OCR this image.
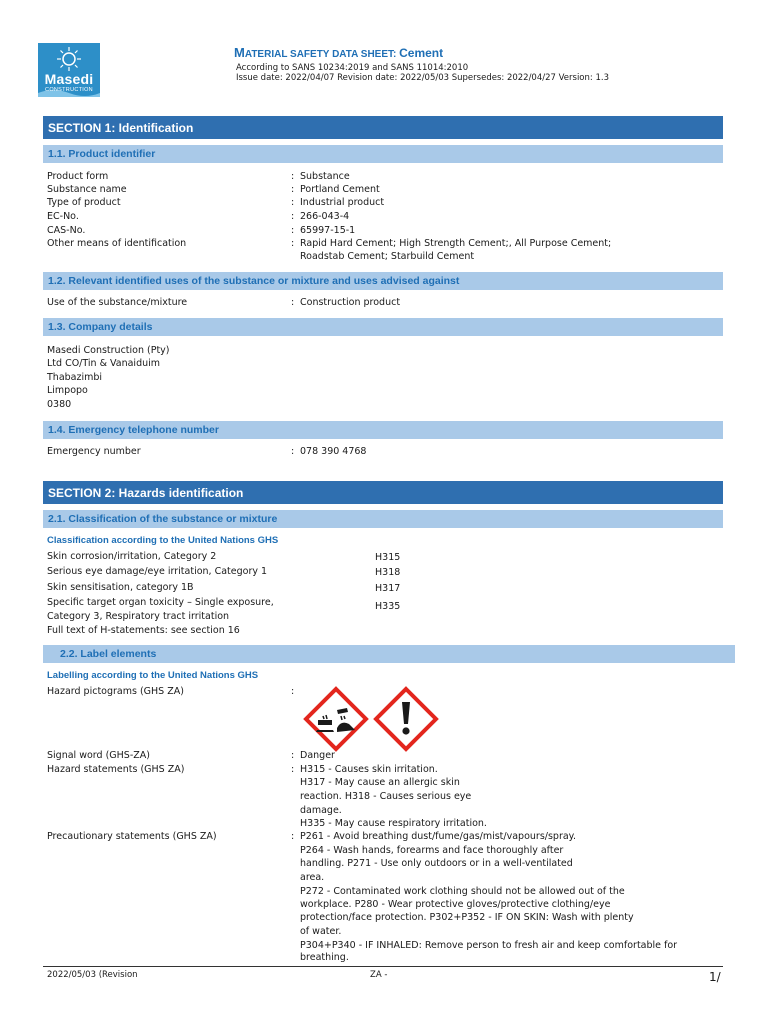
Masedi
CONSTRUCTION
MATERIAL SAFETY DATA SHEET: Cement
According to SANS 10234:2019 and SANS 11014:2010
Issue date: 2022/04/07 Revision date: 2022/05/03 Supersedes: 2022/04/27 Version: 1.3
SECTION 1: Identification
1.1. Product identifier
Product form	: Substance
Substance name	: Portland Cement
Type of product	: Industrial product
EC-No.	: 266-043-4
CAS-No.	: 65997-15-1
Other means of identification	: Rapid Hard Cement; High Strength Cement;, All Purpose Cement;
Roadstab Cement; Starbuild Cement
1.2. Relevant identified uses of the substance or mixture and uses advised against
Use of the substance/mixture	: Construction product
1.3. Company details
Masedi Construction (Pty)
Ltd CO/Tin & Vanaiduim
Thabazimbi
Limpopo
0380
1.4. Emergency telephone number
Emergency number	: 078 390 4768
SECTION 2: Hazards identification
2.1. Classification of the substance or mixture
Classification according to the United Nations GHS
Skin corrosion/irritation, Category 2	H315
Serious eye damage/eye irritation, Category 1	H318
Skin sensitisation, category 1B	H317
Specific target organ toxicity – Single exposure,	H335
Category 3, Respiratory tract irritation
Full text of H-statements: see section 16
2.2. Label elements
Labelling according to the United Nations GHS
Hazard pictograms (GHS ZA)	:
Signal word (GHS-ZA)	: Danger
Hazard statements (GHS ZA)	: H315 - Causes skin irritation.
H317 - May cause an allergic skin
reaction. H318 - Causes serious eye
damage.
H335 - May cause respiratory irritation.
Precautionary statements (GHS ZA)	: P261 - Avoid breathing dust/fume/gas/mist/vapours/spray.
P264 - Wash hands, forearms and face thoroughly after
handling. P271 - Use only outdoors or in a well-ventilated
area.
P272 - Contaminated work clothing should not be allowed out of the
workplace. P280 - Wear protective gloves/protective clothing/eye
protection/face protection. P302+P352 - IF ON SKIN: Wash with plenty
of water.
P304+P340 - IF INHALED: Remove person to fresh air and keep comfortable for
breathing.
2022/05/03 (Revision	ZA -	1/
